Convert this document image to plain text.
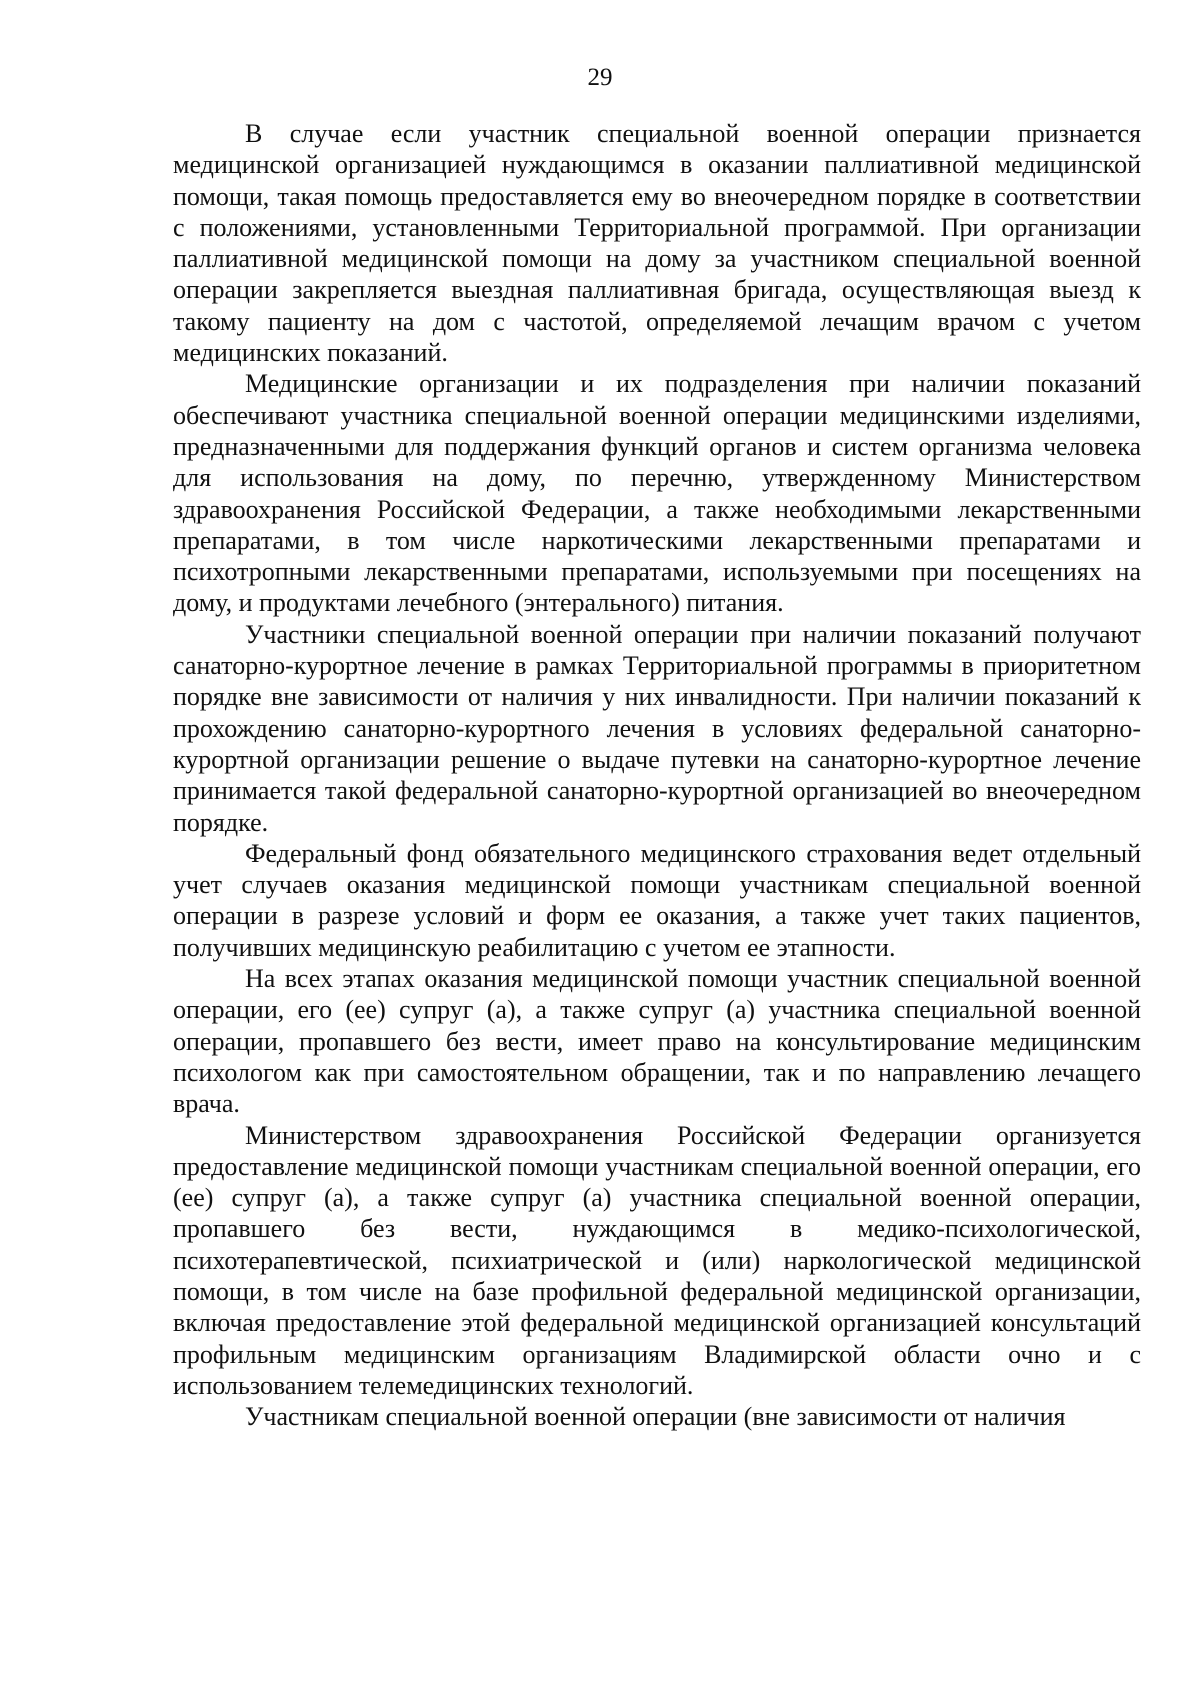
29

В случае если участник специальной военной операции признается медицинской организацией нуждающимся в оказании паллиативной медицинской помощи, такая помощь предоставляется ему во внеочередном порядке в соответствии с положениями, установленными Территориальной программой. При организации паллиативной медицинской помощи на дому за участником специальной военной операции закрепляется выездная паллиативная бригада, осуществляющая выезд к такому пациенту на дом с частотой, определяемой лечащим врачом с учетом медицинских показаний.

Медицинские организации и их подразделения при наличии показаний обеспечивают участника специальной военной операции медицинскими изделиями, предназначенными для поддержания функций органов и систем организма человека для использования на дому, по перечню, утвержденному Министерством здравоохранения Российской Федерации, а также необходимыми лекарственными препаратами, в том числе наркотическими лекарственными препаратами и психотропными лекарственными препаратами, используемыми при посещениях на дому, и продуктами лечебного (энтерального) питания.

Участники специальной военной операции при наличии показаний получают санаторно-курортное лечение в рамках Территориальной программы в приоритетном порядке вне зависимости от наличия у них инвалидности. При наличии показаний к прохождению санаторно-курортного лечения в условиях федеральной санаторно-курортной организации решение о выдаче путевки на санаторно-курортное лечение принимается такой федеральной санаторно-курортной организацией во внеочередном порядке.

Федеральный фонд обязательного медицинского страхования ведет отдельный учет случаев оказания медицинской помощи участникам специальной военной операции в разрезе условий и форм ее оказания, а также учет таких пациентов, получивших медицинскую реабилитацию с учетом ее этапности.

На всех этапах оказания медицинской помощи участник специальной военной операции, его (ее) супруг (а), а также супруг (а) участника специальной военной операции, пропавшего без вести, имеет право на консультирование медицинским психологом как при самостоятельном обращении, так и по направлению лечащего врача.

Министерством здравоохранения Российской Федерации организуется предоставление медицинской помощи участникам специальной военной операции, его (ее) супруг (а), а также супруг (а) участника специальной военной операции, пропавшего без вести, нуждающимся в медико-психологической, психотерапевтической, психиатрической и (или) наркологической медицинской помощи, в том числе на базе профильной федеральной медицинской организации, включая предоставление этой федеральной медицинской организацией консультаций профильным медицинским организациям Владимирской области очно и с использованием телемедицинских технологий.

Участникам специальной военной операции (вне зависимости от наличия
